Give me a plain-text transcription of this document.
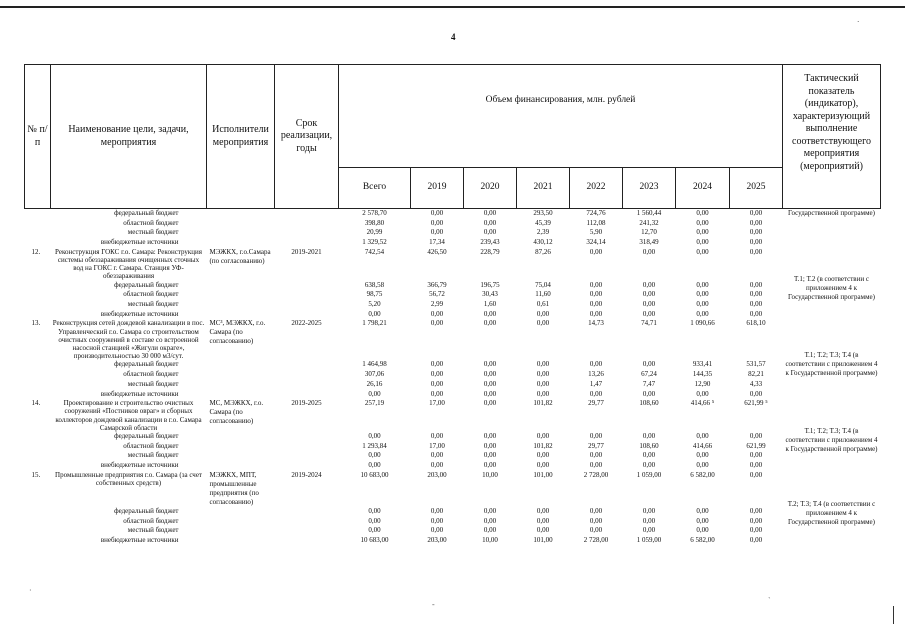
·
4
№ п/п	Наименование цели, задачи, мероприятия	Исполнители мероприятия	Срок реализации, годы	Объем финансирования, млн. рублей								Тактический показатель (индикатор), характеризующий выполнение соответствующего мероприятия (мероприятий)
				Всего	2019	2020	2021	2022	2023	2024	2025	
	федеральный бюджет			2 578,70	0,00	0,00	293,50	724,76	1 560,44	0,00	0,00	Государственной программе)
	областной бюджет			398,80	0,00	0,00	45,39	112,08	241,32	0,00	0,00	
	местный бюджет			20,99	0,00	0,00	2,39	5,90	12,70	0,00	0,00	
	внебюджетные источники			1 329,52	17,34	239,43	430,12	324,14	318,49	0,00	0,00	
12.	Реконструкция ГОКС г.о. Самара: Реконструкция системы обеззараживания очищенных сточных вод на ГОКС г. Самара. Станция УФ-обеззараживания	МЭЖКХ, г.о.Самара (по согласованию)	2019-2021	742,54	426,50	228,79	87,26	0,00	0,00	0,00	0,00	Т.1; Т.2 (в соответствии с приложением 4 к Государственной программе)
	федеральный бюджет			638,58	366,79	196,75	75,04	0,00	0,00	0,00	0,00	
	областной бюджет			98,75	56,72	30,43	11,60	0,00	0,00	0,00	0,00	
	местный бюджет			5,20	2,99	1,60	0,61	0,00	0,00	0,00	0,00	
	внебюджетные источники			0,00	0,00	0,00	0,00	0,00	0,00	0,00	0,00	
13.	Реконструкция сетей дождевой канализации в пос. Управленческий г.о. Самара со строительством очистных сооружений в составе со встроенной насосной станцией «Жигули окраге», производительностью 30 000 м3/сут.	МС³, МЭЖКХ, г.о. Самара (по согласованию)	2022-2025	1 798,21	0,00	0,00	0,00	14,73	74,71	1 090,66	618,10	Т.1; Т.2; Т.3; Т.4 (в соответствии с приложением 4 к Государственной программе)
	федеральный бюджет			1 464,98	0,00	0,00	0,00	0,00	0,00	933,41	531,57	
	областной бюджет			307,06	0,00	0,00	0,00	13,26	67,24	144,35	82,21	
	местный бюджет			26,16	0,00	0,00	0,00	1,47	7,47	12,90	4,33	
	внебюджетные источники			0,00	0,00	0,00	0,00	0,00	0,00	0,00	0,00	
14.	Проектирование и строительство очистных сооружений «Постников овраг» и сборных коллекторов дождевой канализации в г.о. Самара Самарской области	МС, МЭЖКХ, г.о. Самара (по согласованию)	2019-2025	257,19	17,00	0,00	101,82	29,77	108,60	414,66 ⁵	621,99 ⁵	Т.1; Т.2; Т.3; Т.4 (в соответствии с приложением 4 к Государственной программе)
	федеральный бюджет			0,00	0,00	0,00	0,00	0,00	0,00	0,00	0,00	
	областной бюджет			1 293,84	17,00	0,00	101,82	29,77	108,60	414,66	621,99	
	местный бюджет			0,00	0,00	0,00	0,00	0,00	0,00	0,00	0,00	
	внебюджетные источники			0,00	0,00	0,00	0,00	0,00	0,00	0,00	0,00	
15.	Промышленные предприятия г.о. Самара (за счет собственных средств)	МЭЖКХ, МПТ, промышленные предприятия (по согласованию)	2019-2024	10 683,00	203,00	10,00	101,00	2 728,00	1 059,00	6 582,00	0,00	Т.2; Т.3; Т.4 (в соответствии с приложением 4 к Государственной программе)
	федеральный бюджет			0,00	0,00	0,00	0,00	0,00	0,00	0,00	0,00	
	областной бюджет			0,00	0,00	0,00	0,00	0,00	0,00	0,00	0,00	
	местный бюджет			0,00	0,00	0,00	0,00	0,00	0,00	0,00	0,00	
	внебюджетные источники			10 683,00	203,00	10,00	101,00	2 728,00	1 059,00	6 582,00	0,00	
·
-	`
